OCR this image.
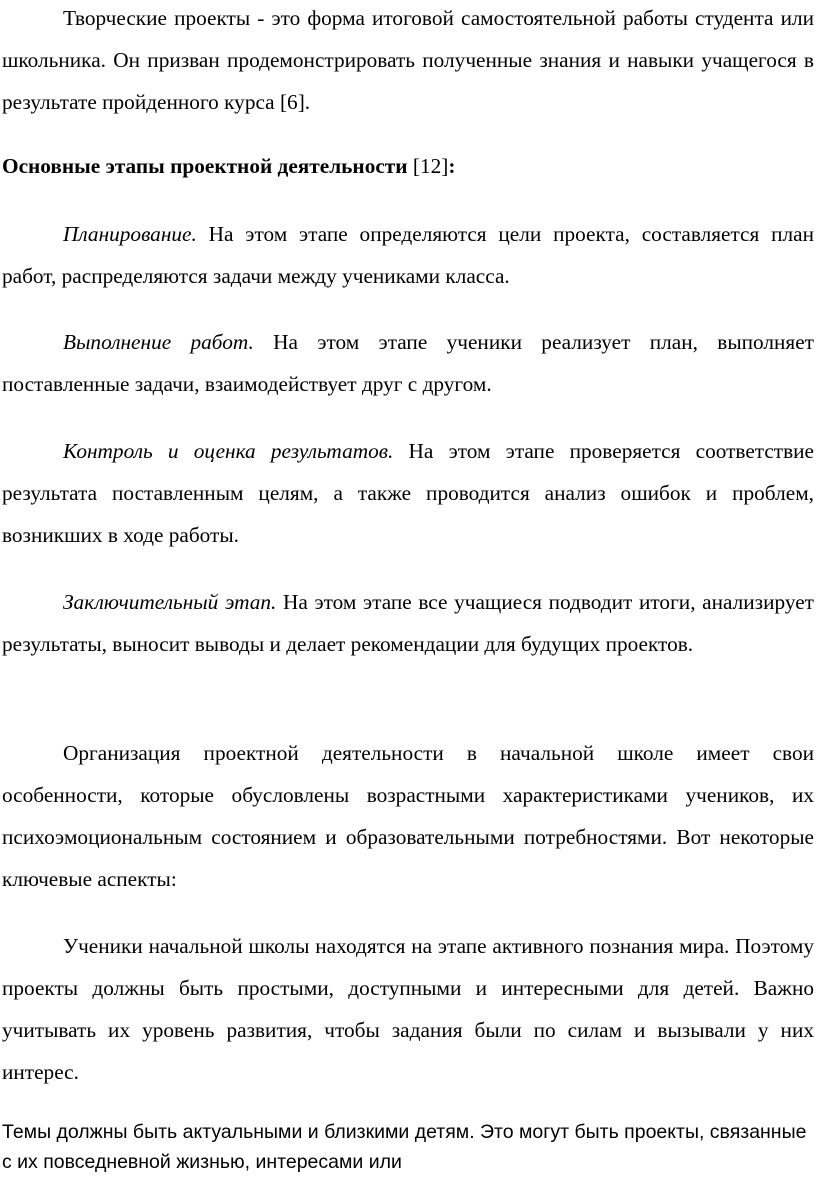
Творческие проекты - это форма итоговой самостоятельной работы студента или школьника. Он призван продемонстрировать полученные знания и навыки учащегося в результате пройденного курса [6].

Основные этапы проектной деятельности [12]:

Планирование. На этом этапе определяются цели проекта, составляется план работ, распределяются задачи между учениками класса.

Выполнение работ. На этом этапе ученики реализует план, выполняет поставленные задачи, взаимодействует друг с другом.

Контроль и оценка результатов. На этом этапе проверяется соответствие результата поставленным целям, а также проводится анализ ошибок и проблем, возникших в ходе работы.

Заключительный этап. На этом этапе все учащиеся подводит итоги, анализирует результаты, выносит выводы и делает рекомендации для будущих проектов.

Организация проектной деятельности в начальной школе имеет свои особенности, которые обусловлены возрастными характеристиками учеников, их психоэмоциональным состоянием и образовательными потребностями. Вот некоторые ключевые аспекты:

Ученики начальной школы находятся на этапе активного познания мира. Поэтому проекты должны быть простыми, доступными и интересными для детей. Важно учитывать их уровень развития, чтобы задания были по силам и вызывали у них интерес.

Темы должны быть актуальными и близкими детям. Это могут быть проекты, связанные с их повседневной жизнью, интересами или
